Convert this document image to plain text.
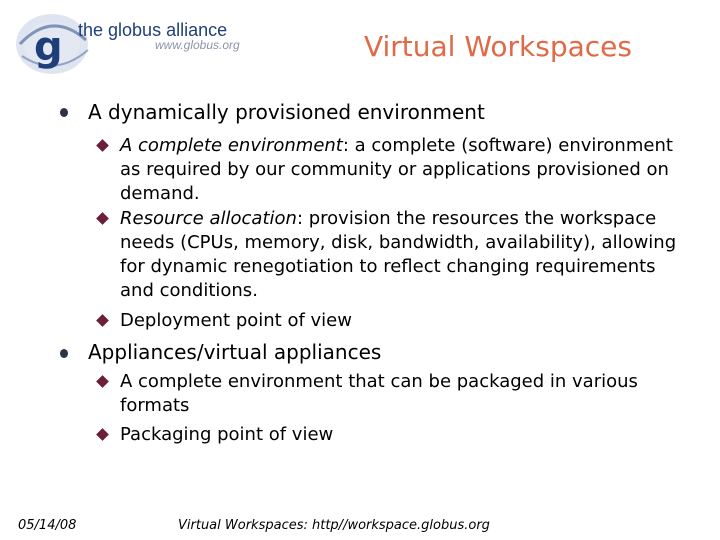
g the globus alliance
www.globus.org	Virtual Workspaces
A dynamically provisioned environment
A complete environment: a complete (software) environment as required by our community or applications provisioned on demand.
Resource allocation: provision the resources the workspace needs (CPUs, memory, disk, bandwidth, availability), allowing for dynamic renegotiation to reflect changing requirements and conditions.
Deployment point of view
Appliances/virtual appliances
A complete environment that can be packaged in various formats
Packaging point of view
05/14/08	Virtual Workspaces: http//workspace.globus.org
